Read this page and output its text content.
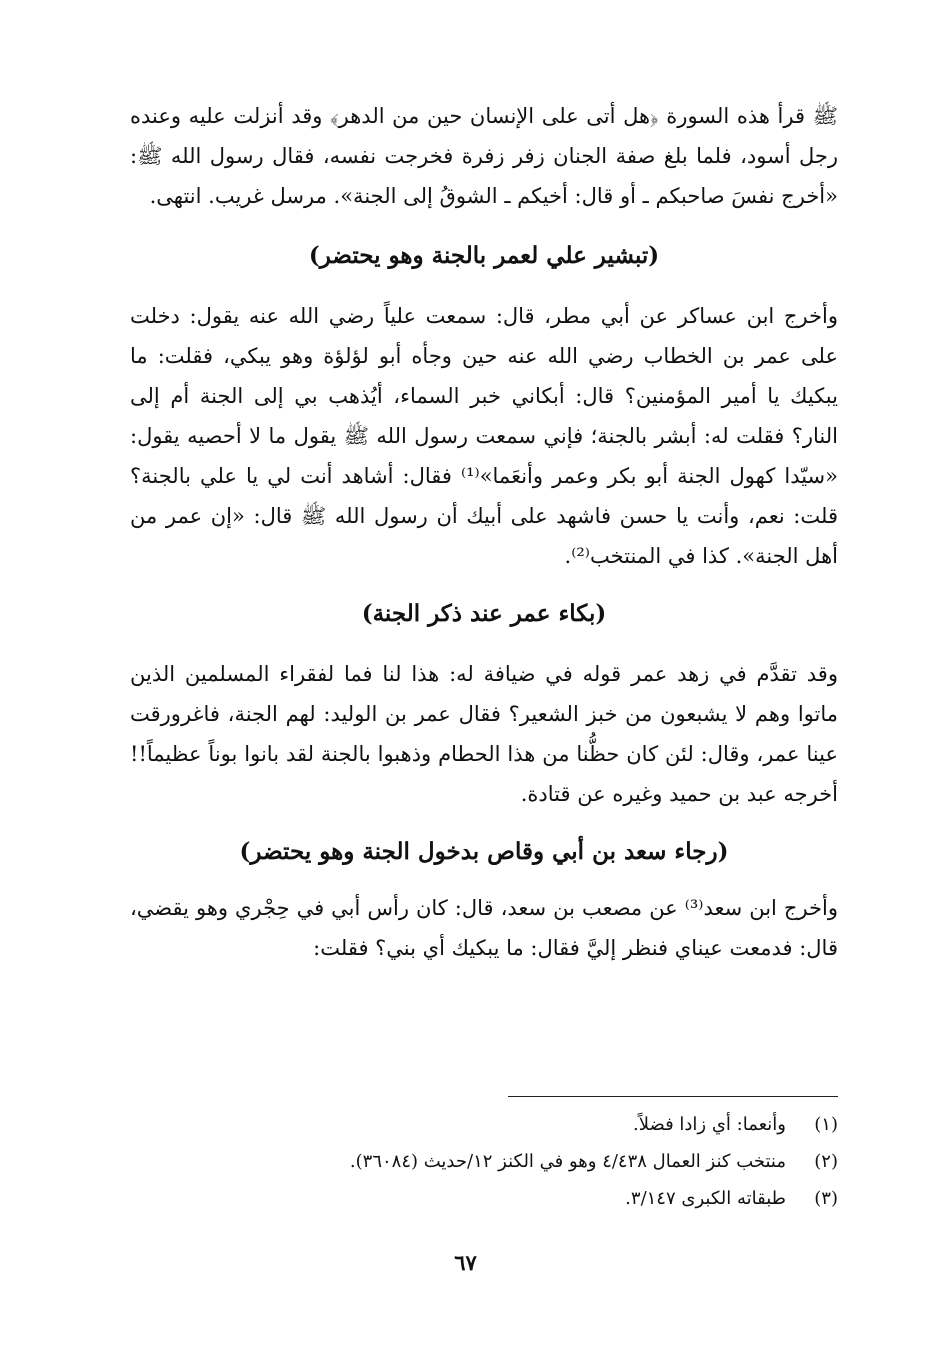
ﷺ قرأ هذه السورة ﴿هل أتى على الإنسان حين من الدهر﴾ وقد أنزلت عليه وعنده رجل أسود، فلما بلغ صفة الجنان زفر زفرة فخرجت نفسه، فقال رسول الله ﷺ: «أخرج نفسَ صاحبكم ـ أو قال: أخيكم ـ الشوقُ إلى الجنة». مرسل غريب. انتهى.

(تبشير علي لعمر بالجنة وهو يحتضر)

وأخرج ابن عساكر عن أبي مطر، قال: سمعت علياً رضي الله عنه يقول: دخلت على عمر بن الخطاب رضي الله عنه حين وجأه أبو لؤلؤة وهو يبكي، فقلت: ما يبكيك يا أمير المؤمنين؟ قال: أبكاني خبر السماء، أيُذهب بي إلى الجنة أم إلى النار؟ فقلت له: أبشر بالجنة؛ فإني سمعت رسول الله ﷺ يقول ما لا أحصيه يقول: «سيّدا كهول الجنة أبو بكر وعمر وأنعَما»⁽¹⁾ فقال: أشاهد أنت لي يا علي بالجنة؟ قلت: نعم، وأنت يا حسن فاشهد على أبيك أن رسول الله ﷺ قال: «إن عمر من أهل الجنة». كذا في المنتخب⁽²⁾.

(بكاء عمر عند ذكر الجنة)

وقد تقدَّم في زهد عمر قوله في ضيافة له: هذا لنا فما لفقراء المسلمين الذين ماتوا وهم لا يشبعون من خبز الشعير؟ فقال عمر بن الوليد: لهم الجنة، فاغرورقت عينا عمر، وقال: لئن كان حظُّنا من هذا الحطام وذهبوا بالجنة لقد بانوا بوناً عظيماً!! أخرجه عبد بن حميد وغيره عن قتادة.

(رجاء سعد بن أبي وقاص بدخول الجنة وهو يحتضر)

وأخرج ابن سعد⁽³⁾ عن مصعب بن سعد، قال: كان رأس أبي في حِجْري وهو يقضي، قال: فدمعت عيناي فنظر إليَّ فقال: ما يبكيك أي بني؟ فقلت:

(١)
وأنعما: أي زادا فضلاً.
(٢)
منتخب كنز العمال ٤/٤٣٨ وهو في الكنز ١٢/حديث (٣٦٠٨٤).
(٣)
طبقاته الكبرى ٣/١٤٧.
٦٧
